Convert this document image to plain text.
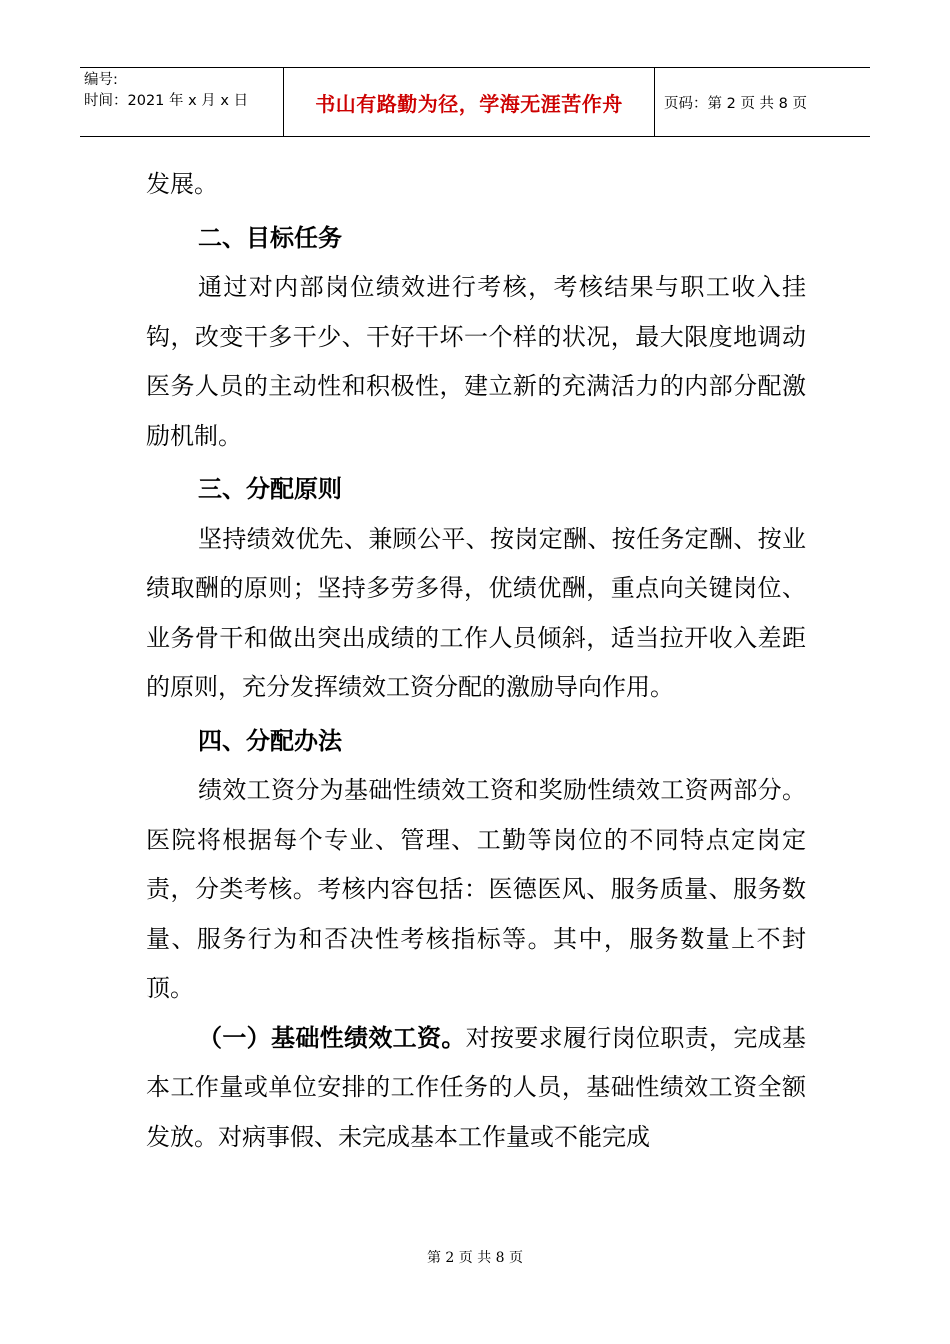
编号:
时间：2021 年 x 月 x 日	书山有路勤为径，学海无涯苦作舟	页码：第 2 页 共 8 页

发展。

二、目标任务

通过对内部岗位绩效进行考核，考核结果与职工收入挂钩，改变干多干少、干好干坏一个样的状况，最大限度地调动医务人员的主动性和积极性，建立新的充满活力的内部分配激励机制。

三、分配原则

坚持绩效优先、兼顾公平、按岗定酬、按任务定酬、按业绩取酬的原则；坚持多劳多得，优绩优酬，重点向关键岗位、业务骨干和做出突出成绩的工作人员倾斜，适当拉开收入差距的原则，充分发挥绩效工资分配的激励导向作用。

四、分配办法

绩效工资分为基础性绩效工资和奖励性绩效工资两部分。医院将根据每个专业、管理、工勤等岗位的不同特点定岗定责，分类考核。考核内容包括：医德医风、服务质量、服务数量、服务行为和否决性考核指标等。其中，服务数量上不封顶。

（一）基础性绩效工资。对按要求履行岗位职责，完成基本工作量或单位安排的工作任务的人员，基础性绩效工资全额发放。对病事假、未完成基本工作量或不能完成

第 2 页 共 8 页
